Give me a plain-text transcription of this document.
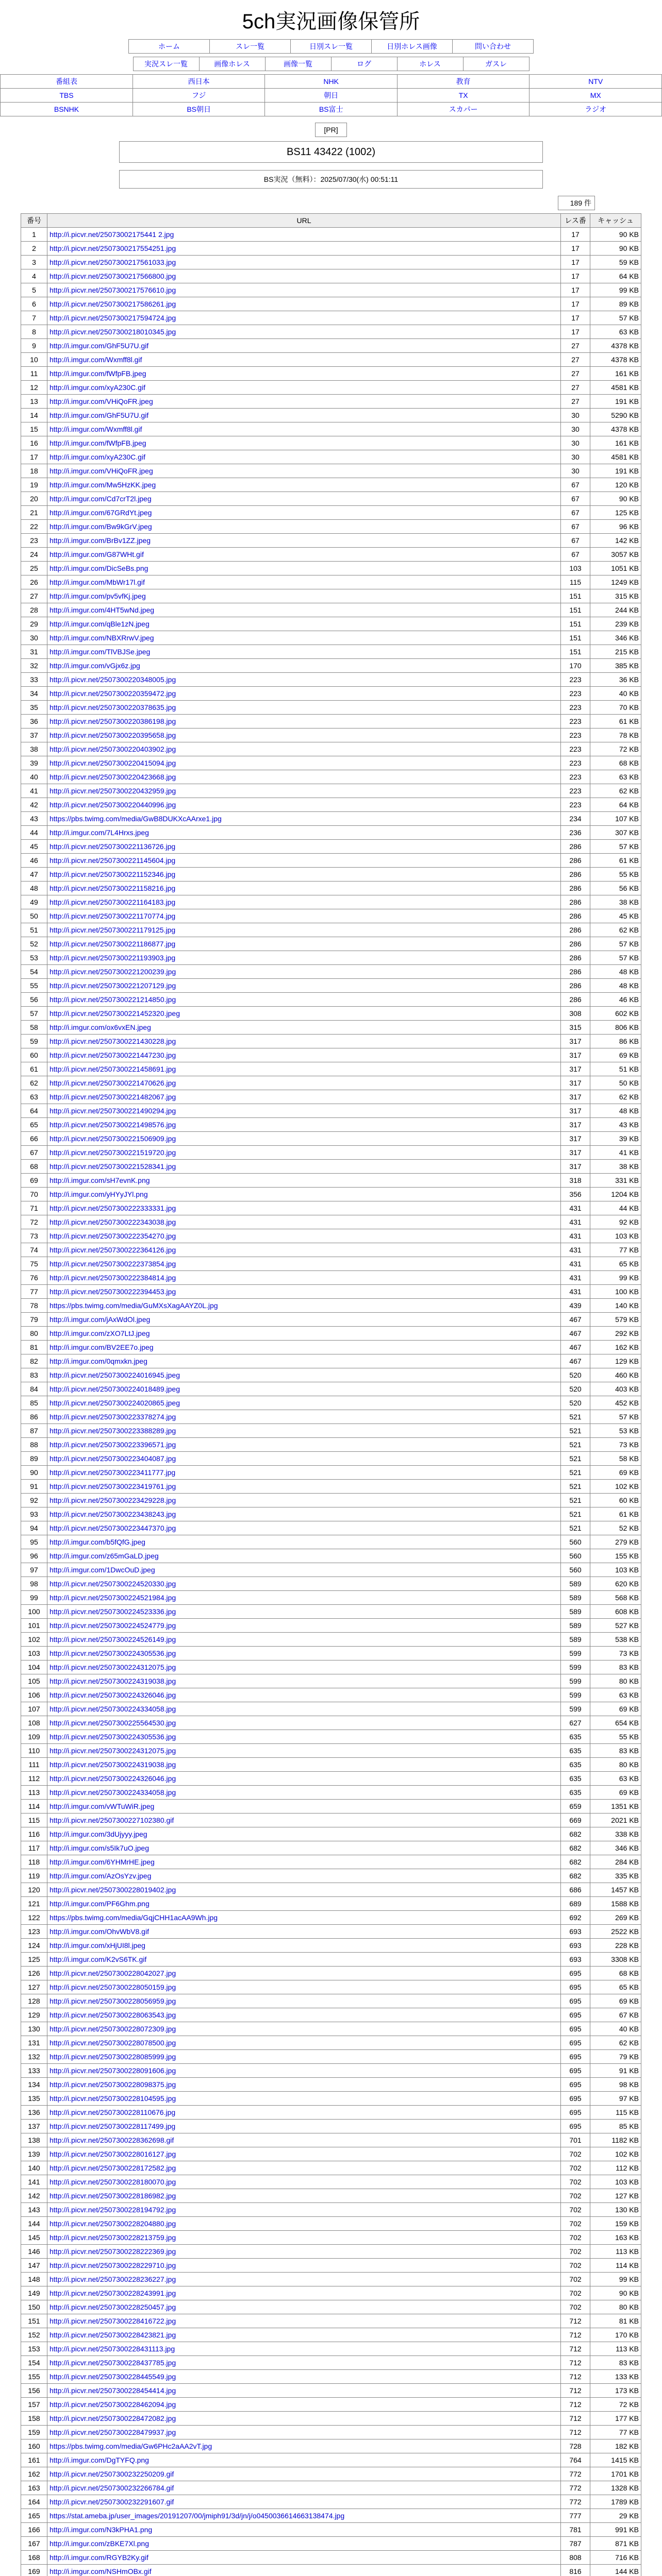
5ch実況画像保管所
ホーム	スレ一覧	日別スレ一覧	日別ホレス画像	問い合わせ
実況スレ一覧	画像ホレス	画像一覧	ログ	ホレス	ガスレ
番組表	西日本	NHK	教育	NTV
TBS	フジ	朝日	TX	MX
BSNHK	BS朝日	BS富士	スカパー	ラジオ
[PR]
BS11 43422 (1002)
BS実況（無料）：2025/07/30(水) 00:51:11
189 件
番号	URL	レス番	キャッシュ
1	http://i.picvr.net/25073002175441 2.jpg	17	90 KB
2	http://i.picvr.net/2507300217554251.jpg	17	90 KB
3	http://i.picvr.net/2507300217561033.jpg	17	59 KB
4	http://i.picvr.net/2507300217566800.jpg	17	64 KB
5	http://i.picvr.net/2507300217576610.jpg	17	99 KB
6	http://i.picvr.net/2507300217586261.jpg	17	89 KB
7	http://i.picvr.net/2507300217594724.jpg	17	57 KB
8	http://i.picvr.net/2507300218010345.jpg	17	63 KB
9	http://i.imgur.com/GhF5U7U.gif	27	4378 KB
10	http://i.imgur.com/Wxmff8l.gif	27	4378 KB
11	http://i.imgur.com/fWfpFB.jpeg	27	161 KB
12	http://i.imgur.com/xyA230C.gif	27	4581 KB
13	http://i.imgur.com/VHiQoFR.jpeg	27	191 KB
14	http://i.imgur.com/GhF5U7U.gif	30	5290 KB
15	http://i.imgur.com/Wxmff8l.gif	30	4378 KB
16	http://i.imgur.com/fWfpFB.jpeg	30	161 KB
17	http://i.imgur.com/xyA230C.gif	30	4581 KB
18	http://i.imgur.com/VHiQoFR.jpeg	30	191 KB
19	http://i.imgur.com/Mw5HzKK.jpeg	67	120 KB
20	http://i.imgur.com/Cd7crT2l.jpeg	67	90 KB
21	http://i.imgur.com/67GRdYt.jpeg	67	125 KB
22	http://i.imgur.com/Bw9kGrV.jpeg	67	96 KB
23	http://i.imgur.com/BrBv1ZZ.jpeg	67	142 KB
24	http://i.imgur.com/G87WHt.gif	67	3057 KB
25	http://i.imgur.com/DicSeBs.png	103	1051 KB
26	http://i.imgur.com/MbWr17l.gif	115	1249 KB
27	http://i.imgur.com/pv5vfKj.jpeg	151	315 KB
28	http://i.imgur.com/4HT5wNd.jpeg	151	244 KB
29	http://i.imgur.com/qBle1zN.jpeg	151	239 KB
30	http://i.imgur.com/NBXRrwV.jpeg	151	346 KB
31	http://i.imgur.com/TlVBJSe.jpeg	151	215 KB
32	http://i.imgur.com/vGjx6z.jpg	170	385 KB
33	http://i.picvr.net/2507300220348005.jpg	223	36 KB
34	http://i.picvr.net/2507300220359472.jpg	223	40 KB
35	http://i.picvr.net/2507300220378635.jpg	223	70 KB
36	http://i.picvr.net/2507300220386198.jpg	223	61 KB
37	http://i.picvr.net/2507300220395658.jpg	223	78 KB
38	http://i.picvr.net/2507300220403902.jpg	223	72 KB
39	http://i.picvr.net/2507300220415094.jpg	223	68 KB
40	http://i.picvr.net/2507300220423668.jpg	223	63 KB
41	http://i.picvr.net/2507300220432959.jpg	223	62 KB
42	http://i.picvr.net/2507300220440996.jpg	223	64 KB
43	https://pbs.twimg.com/media/GwB8DUKXcAArxe1.jpg	234	107 KB
44	http://i.imgur.com/7L4Hrxs.jpeg	236	307 KB
45	http://i.picvr.net/2507300221136726.jpg	286	57 KB
46	http://i.picvr.net/2507300221145604.jpg	286	61 KB
47	http://i.picvr.net/2507300221152346.jpg	286	55 KB
48	http://i.picvr.net/2507300221158216.jpg	286	56 KB
49	http://i.picvr.net/2507300221164183.jpg	286	38 KB
50	http://i.picvr.net/2507300221170774.jpg	286	45 KB
51	http://i.picvr.net/2507300221179125.jpg	286	62 KB
52	http://i.picvr.net/2507300221186877.jpg	286	57 KB
53	http://i.picvr.net/2507300221193903.jpg	286	57 KB
54	http://i.picvr.net/2507300221200239.jpg	286	48 KB
55	http://i.picvr.net/2507300221207129.jpg	286	48 KB
56	http://i.picvr.net/2507300221214850.jpg	286	46 KB
57	http://i.picvr.net/2507300221452320.jpeg	308	602 KB
58	http://i.imgur.com/ox6vxEN.jpeg	315	806 KB
59	http://i.picvr.net/2507300221430228.jpg	317	86 KB
60	http://i.picvr.net/2507300221447230.jpg	317	69 KB
61	http://i.picvr.net/2507300221458691.jpg	317	51 KB
62	http://i.picvr.net/2507300221470626.jpg	317	50 KB
63	http://i.picvr.net/2507300221482067.jpg	317	62 KB
64	http://i.picvr.net/2507300221490294.jpg	317	48 KB
65	http://i.picvr.net/2507300221498576.jpg	317	43 KB
66	http://i.picvr.net/2507300221506909.jpg	317	39 KB
67	http://i.picvr.net/2507300221519720.jpg	317	41 KB
68	http://i.picvr.net/2507300221528341.jpg	317	38 KB
69	http://i.imgur.com/sH7evnK.png	318	331 KB
70	http://i.imgur.com/yHYyJYl.png	356	1204 KB
71	http://i.picvr.net/2507300222333331.jpg	431	44 KB
72	http://i.picvr.net/2507300222343038.jpg	431	92 KB
73	http://i.picvr.net/2507300222354270.jpg	431	103 KB
74	http://i.picvr.net/2507300222364126.jpg	431	77 KB
75	http://i.picvr.net/2507300222373854.jpg	431	65 KB
76	http://i.picvr.net/2507300222384814.jpg	431	99 KB
77	http://i.picvr.net/2507300222394453.jpg	431	100 KB
78	https://pbs.twimg.com/media/GuMXsXagAAYZ0L.jpg	439	140 KB
79	http://i.imgur.com/jAxWdOl.jpeg	467	579 KB
80	http://i.imgur.com/zXO7LtJ.jpeg	467	292 KB
81	http://i.imgur.com/BV2EE7o.jpeg	467	162 KB
82	http://i.imgur.com/0qmxkn.jpeg	467	129 KB
83	http://i.picvr.net/2507300224016945.jpeg	520	460 KB
84	http://i.picvr.net/2507300224018489.jpeg	520	403 KB
85	http://i.picvr.net/2507300224020865.jpeg	520	452 KB
86	http://i.picvr.net/2507300223378274.jpg	521	57 KB
87	http://i.picvr.net/2507300223388289.jpg	521	53 KB
88	http://i.picvr.net/2507300223396571.jpg	521	73 KB
89	http://i.picvr.net/2507300223404087.jpg	521	58 KB
90	http://i.picvr.net/2507300223411777.jpg	521	69 KB
91	http://i.picvr.net/2507300223419761.jpg	521	102 KB
92	http://i.picvr.net/2507300223429228.jpg	521	60 KB
93	http://i.picvr.net/2507300223438243.jpg	521	61 KB
94	http://i.picvr.net/2507300223447370.jpg	521	52 KB
95	http://i.imgur.com/b5fQfG.jpeg	560	279 KB
96	http://i.imgur.com/z65mGaLD.jpeg	560	155 KB
97	http://i.imgur.com/1DwcOuD.jpeg	560	103 KB
98	http://i.picvr.net/2507300224520330.jpg	589	620 KB
99	http://i.picvr.net/2507300224521984.jpg	589	568 KB
100	http://i.picvr.net/2507300224523336.jpg	589	608 KB
101	http://i.picvr.net/2507300224524779.jpg	589	527 KB
102	http://i.picvr.net/2507300224526149.jpg	589	538 KB
103	http://i.picvr.net/2507300224305536.jpg	599	73 KB
104	http://i.picvr.net/2507300224312075.jpg	599	83 KB
105	http://i.picvr.net/2507300224319038.jpg	599	80 KB
106	http://i.picvr.net/2507300224326046.jpg	599	63 KB
107	http://i.picvr.net/2507300224334058.jpg	599	69 KB
108	http://i.picvr.net/2507300225564530.jpg	627	654 KB
109	http://i.picvr.net/2507300224305536.jpg	635	55 KB
110	http://i.picvr.net/2507300224312075.jpg	635	83 KB
111	http://i.picvr.net/2507300224319038.jpg	635	80 KB
112	http://i.picvr.net/2507300224326046.jpg	635	63 KB
113	http://i.picvr.net/2507300224334058.jpg	635	69 KB
114	http://i.imgur.com/vWTuWiR.jpeg	659	1351 KB
115	http://i.picvr.net/2507300227102380.gif	669	2021 KB
116	http://i.imgur.com/3dUjyyy.jpeg	682	338 KB
117	http://i.imgur.com/s5Ik7uO.jpeg	682	346 KB
118	http://i.imgur.com/6YHMrHE.jpeg	682	284 KB
119	http://i.imgur.com/AzOsYzv.jpeg	682	335 KB
120	http://i.picvr.net/2507300228019402.jpg	686	1457 KB
121	http://i.imgur.com/PF6Ghm.png	689	1588 KB
122	https://pbs.twimg.com/media/GqjCHH1acAA9Wh.jpg	692	269 KB
123	http://i.imgur.com/OhvWbV8.gif	693	2522 KB
124	http://i.imgur.com/xHjUI8l.jpeg	693	228 KB
125	http://i.imgur.com/K2vS6TK.gif	693	3308 KB
126	http://i.picvr.net/2507300228042027.jpg	695	68 KB
127	http://i.picvr.net/2507300228050159.jpg	695	65 KB
128	http://i.picvr.net/2507300228056959.jpg	695	69 KB
129	http://i.picvr.net/2507300228063543.jpg	695	67 KB
130	http://i.picvr.net/2507300228072309.jpg	695	40 KB
131	http://i.picvr.net/2507300228078500.jpg	695	62 KB
132	http://i.picvr.net/2507300228085999.jpg	695	79 KB
133	http://i.picvr.net/2507300228091606.jpg	695	91 KB
134	http://i.picvr.net/2507300228098375.jpg	695	98 KB
135	http://i.picvr.net/2507300228104595.jpg	695	97 KB
136	http://i.picvr.net/2507300228110676.jpg	695	115 KB
137	http://i.picvr.net/2507300228117499.jpg	695	85 KB
138	http://i.picvr.net/2507300228362698.gif	701	1182 KB
139	http://i.picvr.net/2507300228016127.jpg	702	102 KB
140	http://i.picvr.net/2507300228172582.jpg	702	112 KB
141	http://i.picvr.net/2507300228180070.jpg	702	103 KB
142	http://i.picvr.net/2507300228186982.jpg	702	127 KB
143	http://i.picvr.net/2507300228194792.jpg	702	130 KB
144	http://i.picvr.net/2507300228204880.jpg	702	159 KB
145	http://i.picvr.net/2507300228213759.jpg	702	163 KB
146	http://i.picvr.net/2507300228222369.jpg	702	113 KB
147	http://i.picvr.net/2507300228229710.jpg	702	114 KB
148	http://i.picvr.net/2507300228236227.jpg	702	99 KB
149	http://i.picvr.net/2507300228243991.jpg	702	90 KB
150	http://i.picvr.net/2507300228250457.jpg	702	80 KB
151	http://i.picvr.net/2507300228416722.jpg	712	81 KB
152	http://i.picvr.net/2507300228423821.jpg	712	170 KB
153	http://i.picvr.net/2507300228431113.jpg	712	113 KB
154	http://i.picvr.net/2507300228437785.jpg	712	83 KB
155	http://i.picvr.net/2507300228445549.jpg	712	133 KB
156	http://i.picvr.net/2507300228454414.jpg	712	173 KB
157	http://i.picvr.net/2507300228462094.jpg	712	72 KB
158	http://i.picvr.net/2507300228472082.jpg	712	177 KB
159	http://i.picvr.net/2507300228479937.jpg	712	77 KB
160	https://pbs.twimg.com/media/Gw6PHc2aAA2vT.jpg	728	182 KB
161	http://i.imgur.com/DgTYFQ.png	764	1415 KB
162	http://i.picvr.net/2507300232250209.gif	772	1701 KB
163	http://i.picvr.net/2507300232266784.gif	772	1328 KB
164	http://i.picvr.net/2507300232291607.gif	772	1789 KB
165	https://stat.ameba.jp/user_images/20191207/00/jmiph91/3d/jn/j/o0450036614663138474.jpg	777	29 KB
166	http://i.imgur.com/N3kPHA1.png	781	991 KB
167	http://i.imgur.com/zBKE7Xl.png	787	871 KB
168	http://i.imgur.com/RGYB2Ky.gif	808	716 KB
169	http://i.imgur.com/NSHmOBx.gif	816	144 KB
